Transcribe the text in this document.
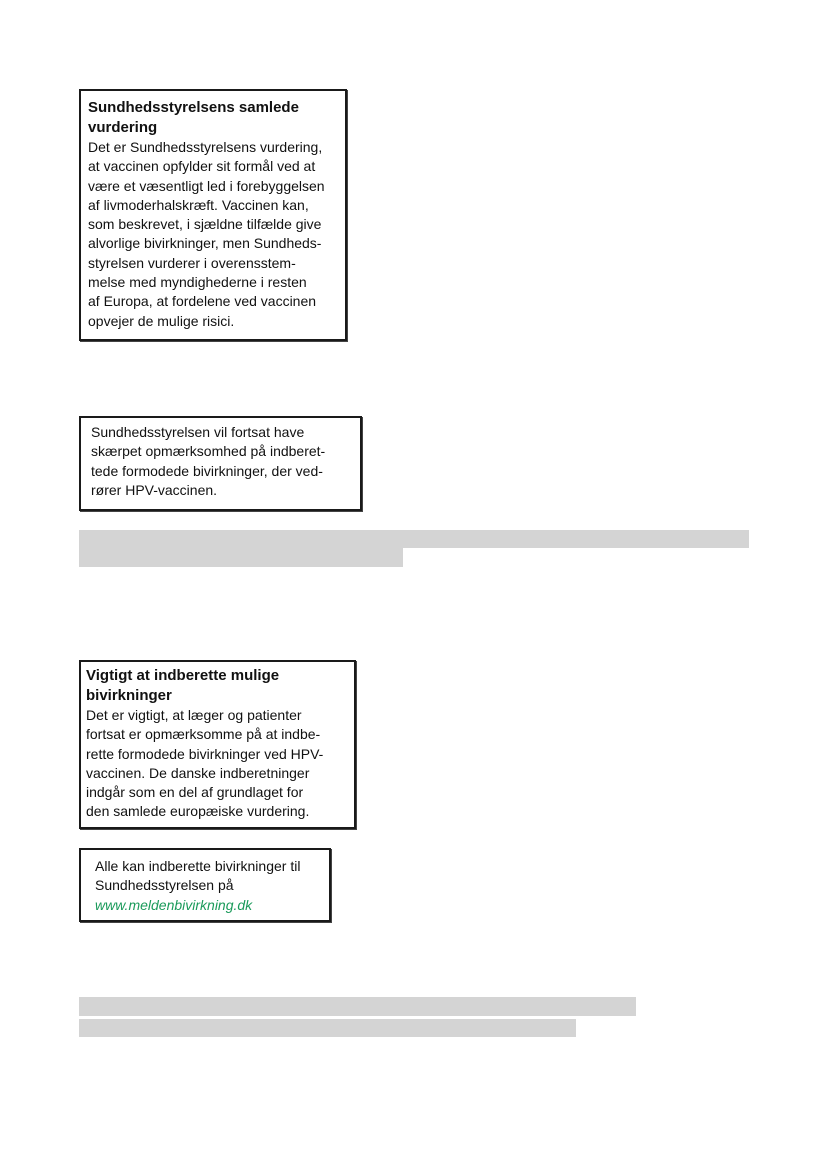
Sundhedsstyrelsens samlede
vurdering

Det er Sundhedsstyrelsens vurdering,
at vaccinen opfylder sit formål ved at
være et væsentligt led i forebyggelsen
af livmoderhalskræft. Vaccinen kan,
som beskrevet, i sjældne tilfælde give
alvorlige bivirkninger, men Sundheds-
styrelsen vurderer i overensstem-
melse med myndighederne i resten
af Europa, at fordelene ved vaccinen
opvejer de mulige risici.

Sundhedsstyrelsen vil fortsat have
skærpet opmærksomhed på indberet-
tede formodede bivirkninger, der ved-
rører HPV-vaccinen.

Vigtigt at indberette mulige
bivirkninger

Det er vigtigt, at læger og patienter
fortsat er opmærksomme på at indbe-
rette formodede bivirkninger ved HPV-
vaccinen. De danske indberetninger
indgår som en del af grundlaget for
den samlede europæiske vurdering.

Alle kan indberette bivirkninger til
Sundhedsstyrelsen på

www.meldenbivirkning.dk
